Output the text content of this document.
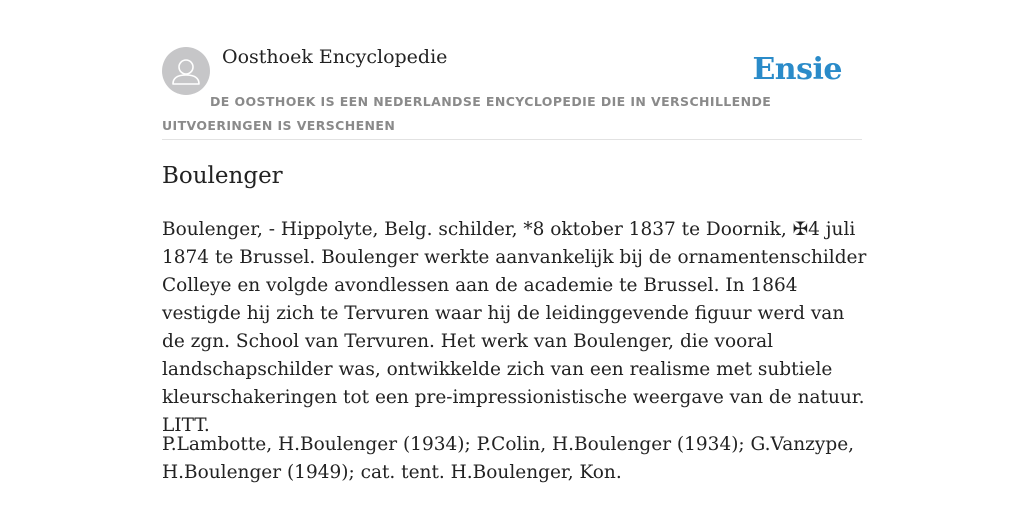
Oosthoek Encyclopedie	Ensie
DE OOSTHOEK IS EEN NEDERLANDSE ENCYCLOPEDIE DIE IN VERSCHILLENDE UITVOERINGEN IS VERSCHENEN
Boulenger

Boulenger, - Hippolyte, Belg. schilder, *8 oktober 1837 te Doornik, ✠4 juli 1874 te Brussel. Boulenger werkte aanvankelijk bij de ornamentenschilder Colleye en volgde avondlessen aan de academie te Brussel. In 1864 vestigde hij zich te Tervuren waar hij de leidinggevende figuur werd van de zgn. School van Tervuren. Het werk van Boulenger, die vooral landschapschilder was, ontwikkelde zich van een realisme met subtiele kleurschakeringen tot een pre-impressionistische weergave van de natuur. LITT.

P.Lambotte, H.Boulenger (1934); P.Colin, H.Boulenger (1934); G.Vanzype, H.Boulenger (1949); cat. tent. H.Boulenger, Kon.
